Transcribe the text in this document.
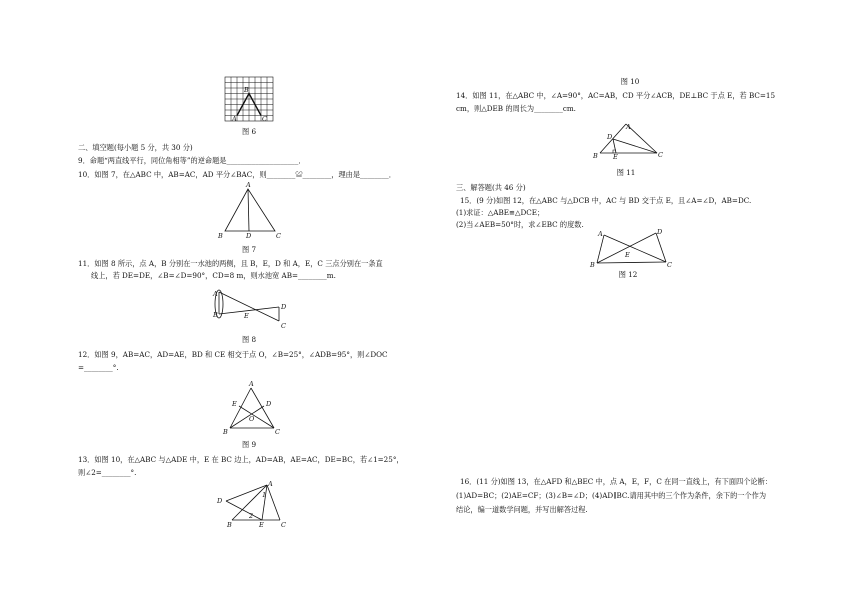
B
A	C
图 6
二、填空题(每小题 5 分，共 30 分)
9．命题“两直线平行，同位角相等”的逆命题是____________________．
10．如图 7，在△ABC 中，AB=AC，AD 平分∠BAC，则________≌________，理由是________．
A
B	D	C
图 7
11．如图 8 所示，点 A，B 分别在一水池的两侧，且 B，E，D 和 A，E，C 三点分别在一条直
线上，若 DE=DE，∠B=∠D=90°，CD=8 m，则水池宽 AB=________m.
A
B	E
D
C
图 8
12．如图 9，AB=AC，AD=AE，BD 和 CE 相交于点 O，∠B=25°，∠ADB=95°，则∠DOC
=________°.
A
E	D
O
B	C
图 9
13．如图 10，在△ABC 与△ADE 中，E 在 BC 边上，AD=AB，AE=AC，DE=BC，若∠1=25°，
则∠2=________°.
A
D
B	E	C
1
2
图 10
14．如图 11，在△ABC 中，∠A=90°，AC=AB，CD 平分∠ACB，DE⊥BC 于点 E，若 BC=15
cm，则△DEB 的周长为________cm.
A
D
B E	C
图 11
三、解答题(共 46 分)
15．(9 分)如图 12，在△ABC 与△DCB 中，AC 与 BD 交于点 E，且∠A=∠D，AB=DC.
(1)求证：△ABE≌△DCE；
(2)当∠AEB=50°时，求∠EBC 的度数.
A	D
E
B	C
图 12
16．(11 分)如图 13，在△AFD 和△BEC 中，点 A，E，F，C 在同一直线上，有下面四个论断：
(1)AD=BC；(2)AE=CF；(3)∠B=∠D；(4)AD∥BC.请用其中的三个作为条件，余下的一个作为
结论，编一道数学问题，并写出解答过程.
